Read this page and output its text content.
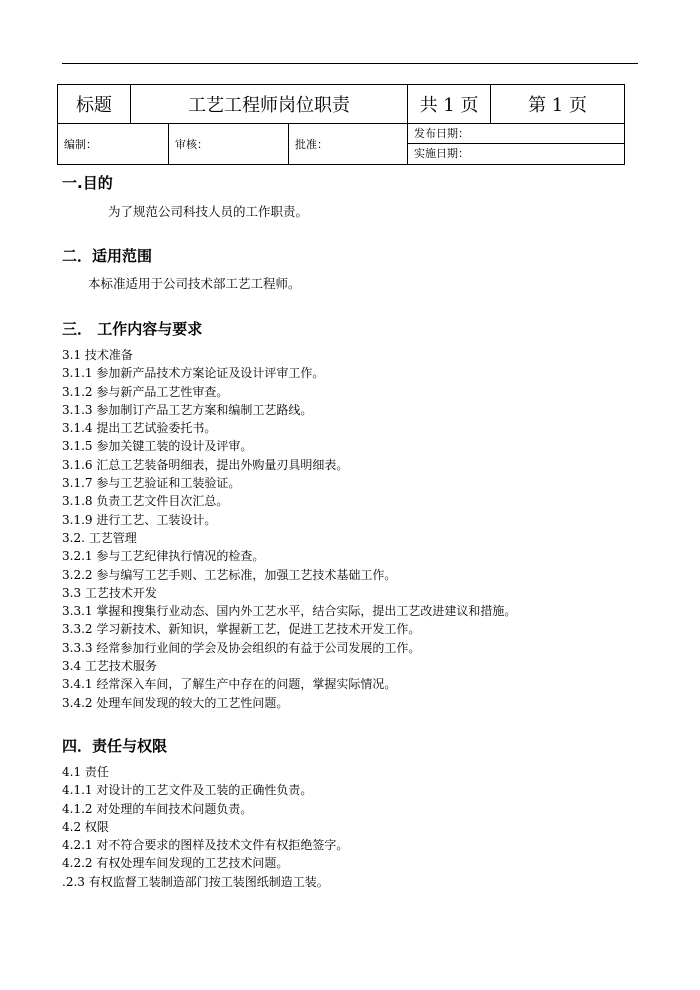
标题	工艺工程师岗位职责			共 1 页 第 1 页

编制：		审核：	批准：	发布日期：
实施日期：
一.目的
为了规范公司科技人员的工作职责。
二．适用范围
本标准适用于公司技术部工艺工程师。
三． 工作内容与要求
3.1 技术准备
3.1.1 参加新产品技术方案论证及设计评审工作。
3.1.2 参与新产品工艺性审查。
3.1.3 参加制订产品工艺方案和编制工艺路线。
3.1.4 提出工艺试验委托书。
3.1.5 参加关键工装的设计及评审。
3.1.6 汇总工艺装备明细表，提出外购量刃具明细表。
3.1.7 参与工艺验证和工装验证。
3.1.8 负责工艺文件目次汇总。
3.1.9 进行工艺、工装设计。
3.2. 工艺管理
3.2.1 参与工艺纪律执行情况的检查。
3.2.2 参与编写工艺手则、工艺标准，加强工艺技术基础工作。
3.3 工艺技术开发
3.3.1 掌握和搜集行业动态、国内外工艺水平，结合实际，提出工艺改进建议和措施。
3.3.2 学习新技术、新知识，掌握新工艺，促进工艺技术开发工作。
3.3.3 经常参加行业间的学会及协会组织的有益于公司发展的工作。
3.4 工艺技术服务
3.4.1 经常深入车间，了解生产中存在的问题，掌握实际情况。
3.4.2 处理车间发现的较大的工艺性问题。
四．责任与权限
4.1 责任
4.1.1 对设计的工艺文件及工装的正确性负责。
4.1.2 对处理的车间技术问题负责。
4.2 权限
4.2.1 对不符合要求的图样及技术文件有权拒绝签字。
4.2.2 有权处理车间发现的工艺技术问题。
.2.3 有权监督工装制造部门按工装图纸制造工装。
